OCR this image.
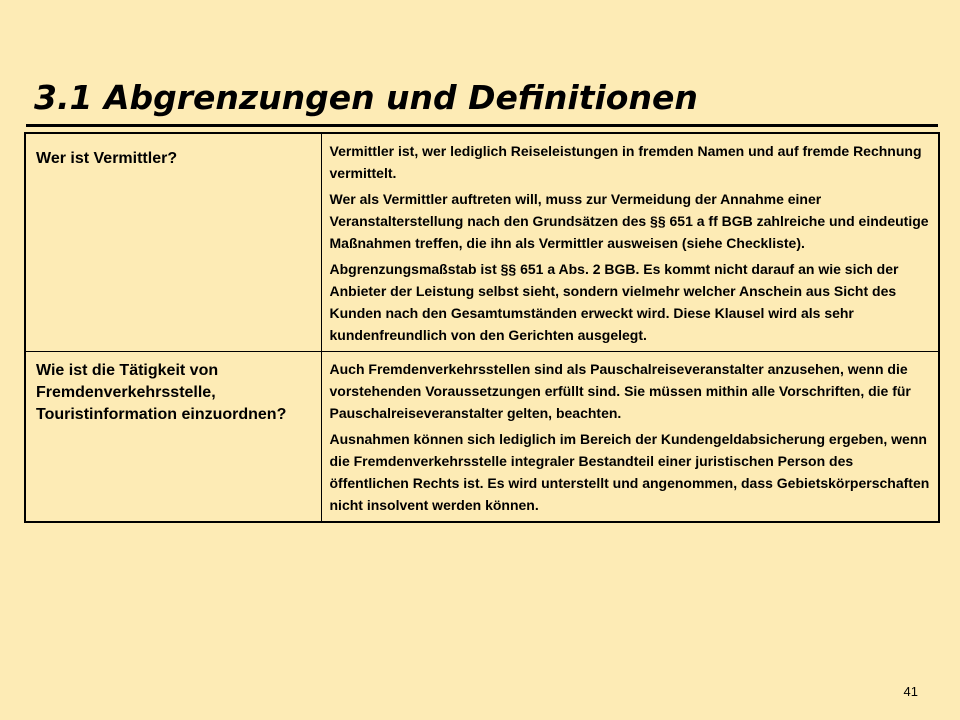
3.1 Abgrenzungen und Definitionen
Wer ist Vermittler?	Vermittler ist, wer lediglich Reiseleistungen in fremden Namen und auf fremde Rechnung vermittelt.

Wer als Vermittler auftreten will, muss zur Vermeidung der Annahme einer Veranstalterstellung nach den Grundsätzen des §§ 651 a ff BGB zahlreiche und eindeutige Maßnahmen treffen, die ihn als Vermittler ausweisen (siehe Checkliste).

Abgrenzungsmaßstab ist §§ 651 a Abs. 2 BGB. Es kommt nicht darauf an wie sich der Anbieter der Leistung selbst sieht, sondern vielmehr welcher Anschein aus Sicht des Kunden nach den Gesamtumständen erweckt wird. Diese Klausel wird als sehr kundenfreundlich von den Gerichten ausgelegt.

Wie ist die Tätigkeit von Fremdenverkehrsstelle, Touristinformation einzuordnen?	Auch Fremdenverkehrsstellen sind als Pauschalreiseveranstalter anzusehen, wenn die vorstehenden Voraussetzungen erfüllt sind. Sie müssen mithin alle Vorschriften, die für Pauschalreiseveranstalter gelten, beachten.

Ausnahmen können sich lediglich im Bereich der Kundengeldabsicherung ergeben, wenn die Fremdenverkehrsstelle integraler Bestandteil einer juristischen Person des öffentlichen Rechts ist. Es wird unterstellt und angenommen, dass Gebietskörperschaften nicht insolvent werden können.

41
